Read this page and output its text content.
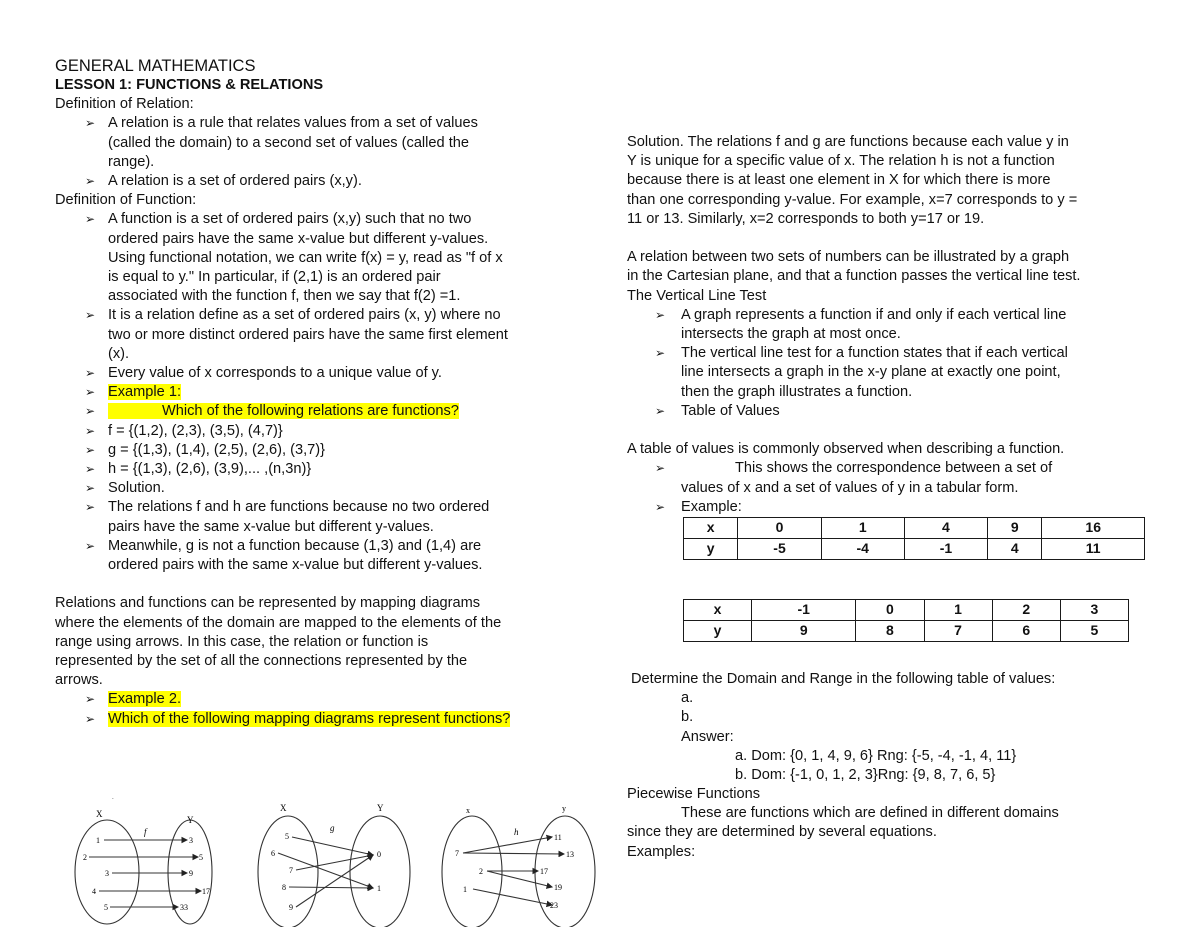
GENERAL MATHEMATICS
LESSON 1: FUNCTIONS & RELATIONS
Definition of Relation:
➢ A relation is a rule that relates values from a set of values
(called the domain) to a second set of values (called the
range).
➢ A relation is a set of ordered pairs (x,y).
Definition of Function:
➢ A function is a set of ordered pairs (x,y) such that no two
ordered pairs have the same x-value but different y-values.
Using functional notation, we can write f(x) = y, read as "f of x
is equal to y." In particular, if (2,1) is an ordered pair
associated with the function f, then we say that f(2) =1.
➢ It is a relation define as a set of ordered pairs (x, y) where no
two or more distinct ordered pairs have the same first element
(x).
➢ Every value of x corresponds to a unique value of y.
➢ Example 1:
➢ Which of the following relations are functions?
➢ f = {(1,2), (2,3), (3,5), (4,7)}
➢ g = {(1,3), (1,4), (2,5), (2,6), (3,7)}
➢ h = {(1,3), (2,6), (3,9),... ,(n,3n)}
➢ Solution.
➢ The relations f and h are functions because no two ordered
pairs have the same x-value but different y-values.
➢ Meanwhile, g is not a function because (1,3) and (1,4) are
ordered pairs with the same x-value but different y-values.
Relations and functions can be represented by mapping diagrams
where the elements of the domain are mapped to the elements of the
range using arrows. In this case, the relation or function is
represented by the set of all the connections represented by the
arrows.
➢ Example 2.
➢ Which of the following mapping diagrams represent functions?
.
X
Y
f
1
2
3
4
5
3
5
9
17
33
X	Y
g
5
6
7
8
9
0
1
x	y
h
7
2
1
11
13
17
19
23
Solution. The relations f and g are functions because each value y in
Y is unique for a specific value of x. The relation h is not a function
because there is at least one element in X for which there is more
than one corresponding y-value. For example, x=7 corresponds to y =
11 or 13. Similarly, x=2 corresponds to both y=17 or 19.
A relation between two sets of numbers can be illustrated by a graph
in the Cartesian plane, and that a function passes the vertical line test.
The Vertical Line Test
➢ A graph represents a function if and only if each vertical line
intersects the graph at most once.
➢ The vertical line test for a function states that if each vertical
line intersects a graph in the x-y plane at exactly one point,
then the graph illustrates a function.
➢ Table of Values
A table of values is commonly observed when describing a function.
➢ This shows the correspondence between a set of
values of x and a set of values of y in a tabular form.
➢ Example:
x	0	1	4	9	16
y	-5	-4	-1	4	11
x	-1	0	1	2	3
y	9	8	7	6	5
Determine the Domain and Range in the following table of values:
a.
b.
Answer:
a. Dom: {0, 1, 4, 9, 6} Rng: {-5, -4, -1, 4, 11}
b. Dom: {-1, 0, 1, 2, 3}Rng: {9, 8, 7, 6, 5}
Piecewise Functions
These are functions which are defined in different domains
since they are determined by several equations.
Examples:
